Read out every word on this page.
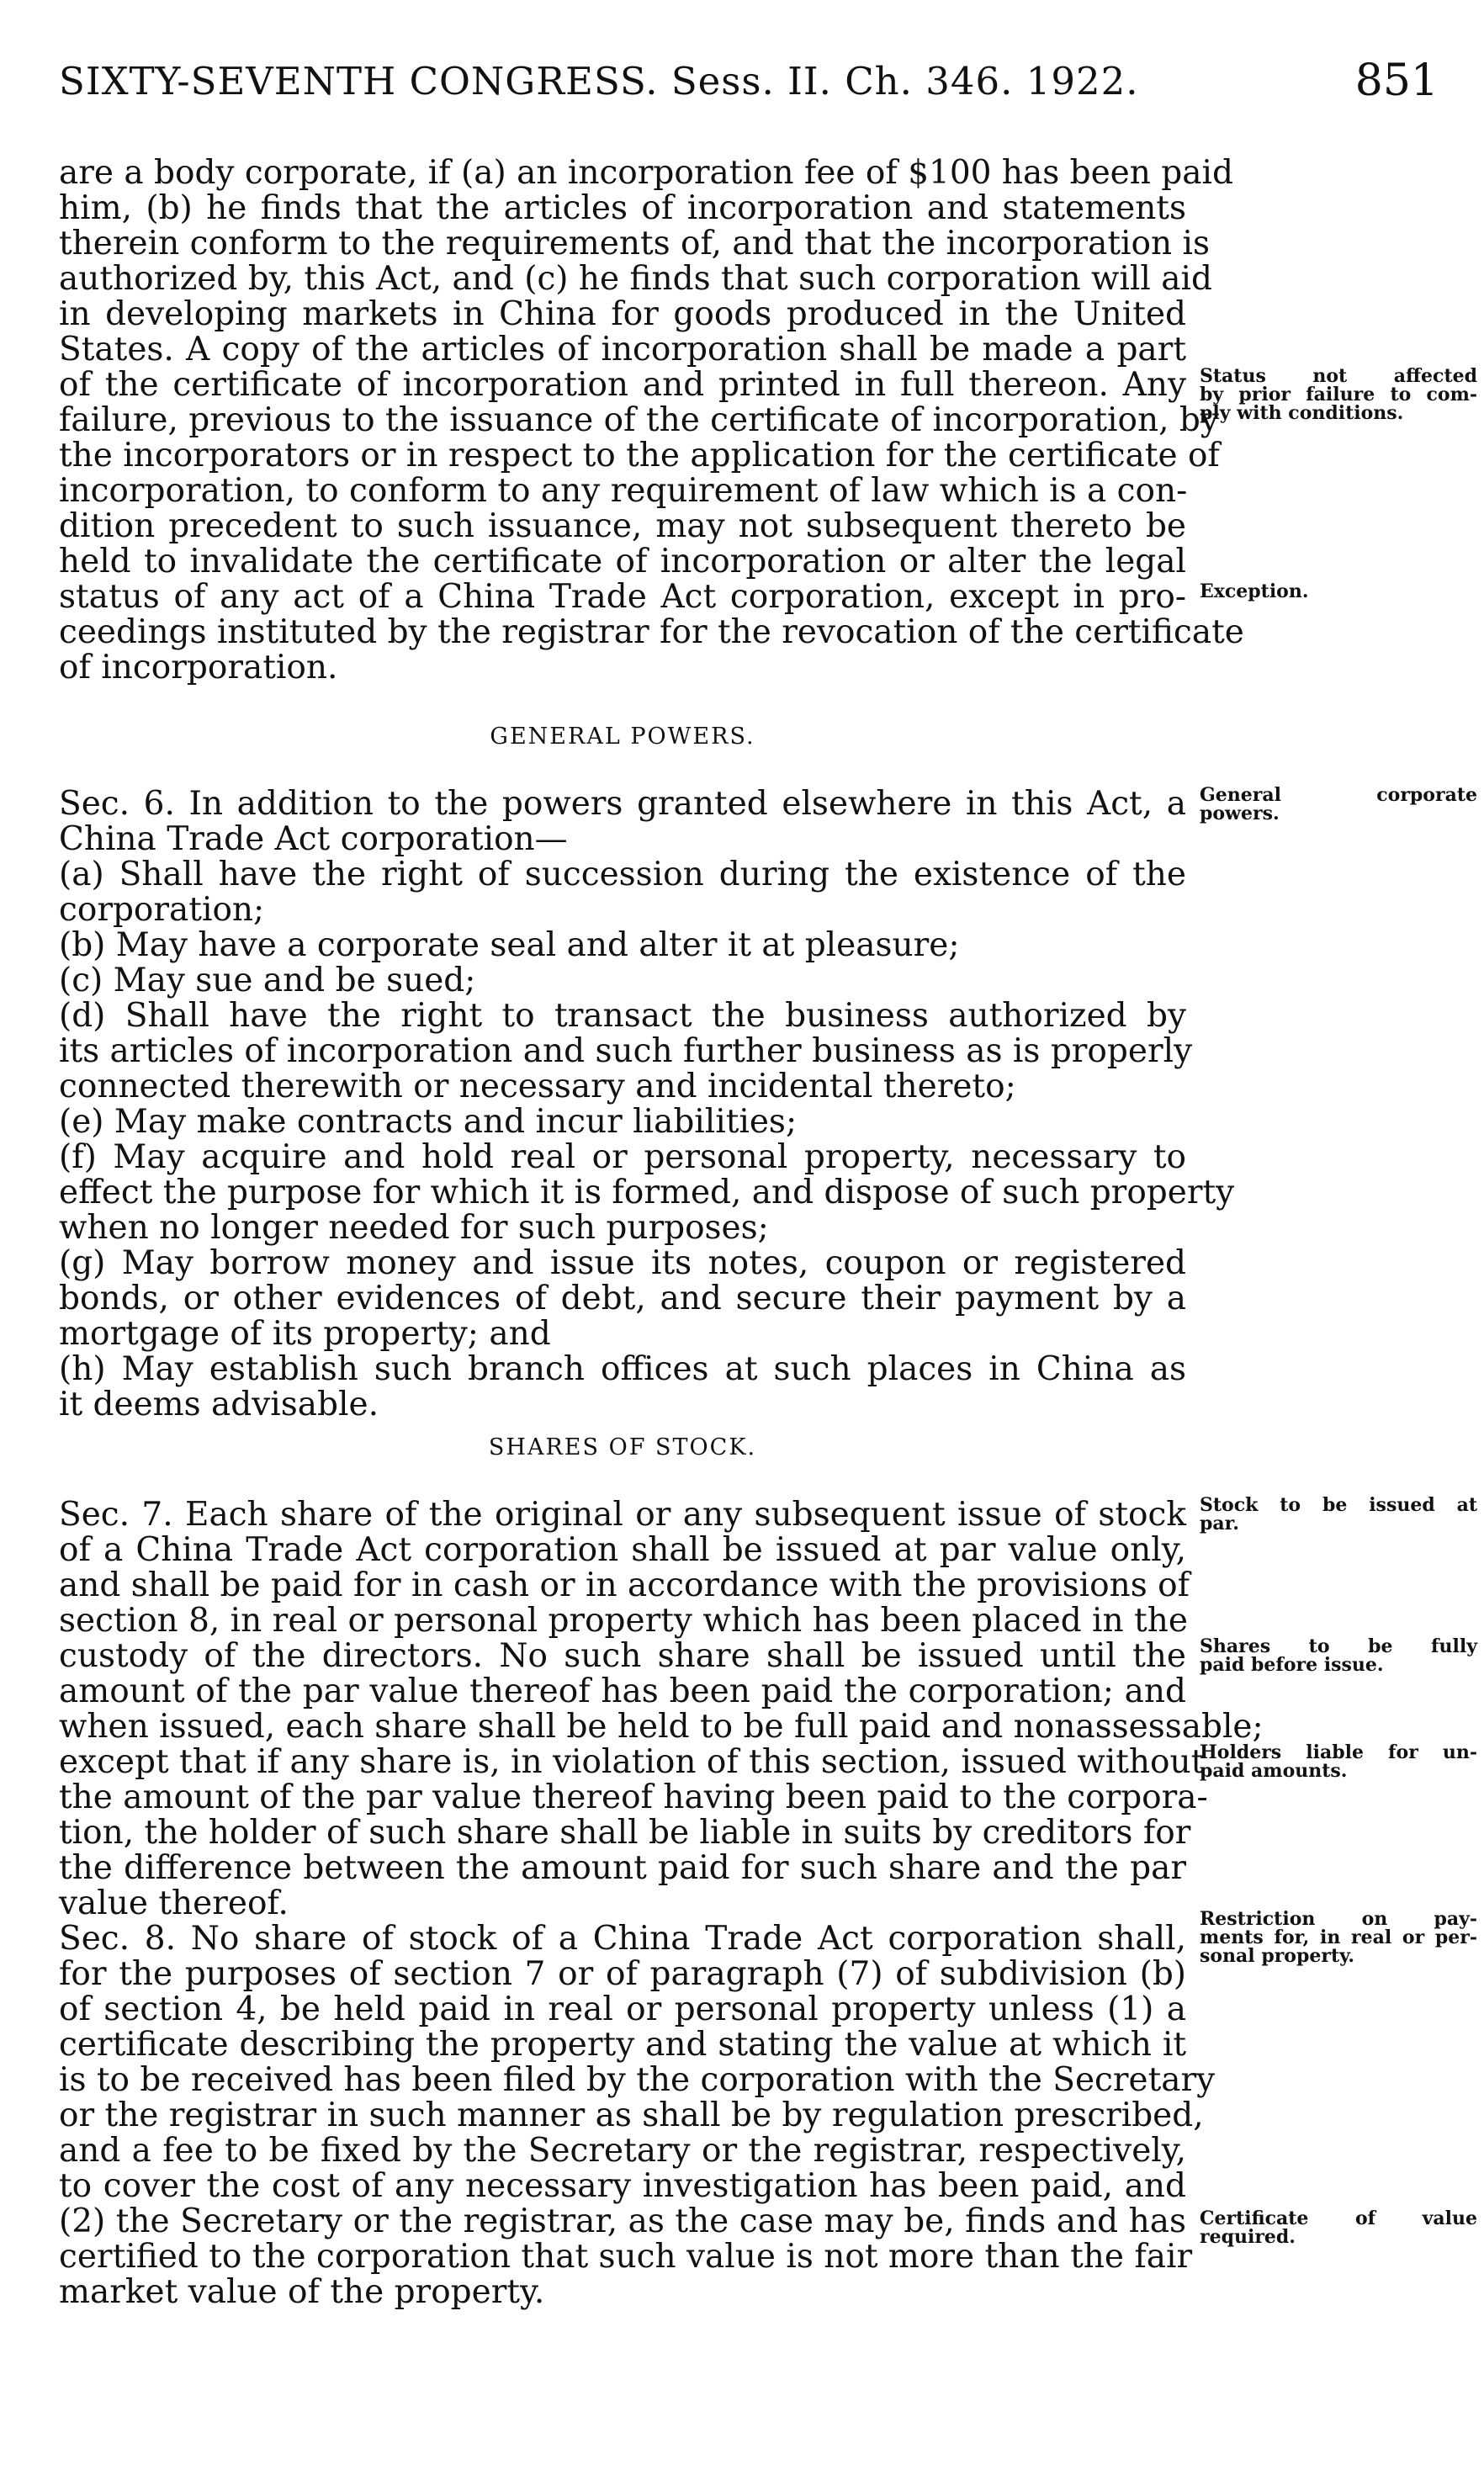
SIXTY-SEVENTH CONGRESS. Sess. II. Ch. 346. 1922.	851
are a body corporate, if (a) an incorporation fee of $100 has been paid
him, (b) he finds that the articles of incorporation and statements
therein conform to the requirements of, and that the incorporation is
authorized by, this Act, and (c) he finds that such corporation will aid
in developing markets in China for goods produced in the United
States. A copy of the articles of incorporation shall be made a part
of the certificate of incorporation and printed in full thereon. Any
failure, previous to the issuance of the certificate of incorporation, by
the incorporators or in respect to the application for the certificate of
incorporation, to conform to any requirement of law which is a con-
dition precedent to such issuance, may not subsequent thereto be
held to invalidate the certificate of incorporation or alter the legal
status of any act of a China Trade Act corporation, except in pro-
ceedings instituted by the registrar for the revocation of the certificate
of incorporation.
GENERAL POWERS.
Sec. 6. In addition to the powers granted elsewhere in this Act, a
China Trade Act corporation—
(a) Shall have the right of succession during the existence of the
corporation;
(b) May have a corporate seal and alter it at pleasure;
(c) May sue and be sued;
(d) Shall have the right to transact the business authorized by
its articles of incorporation and such further business as is properly
connected therewith or necessary and incidental thereto;
(e) May make contracts and incur liabilities;
(f) May acquire and hold real or personal property, necessary to
effect the purpose for which it is formed, and dispose of such property
when no longer needed for such purposes;
(g) May borrow money and issue its notes, coupon or registered
bonds, or other evidences of debt, and secure their payment by a
mortgage of its property; and
(h) May establish such branch offices at such places in China as
it deems advisable.
SHARES OF STOCK.
Sec. 7. Each share of the original or any subsequent issue of stock
of a China Trade Act corporation shall be issued at par value only,
and shall be paid for in cash or in accordance with the provisions of
section 8, in real or personal property which has been placed in the
custody of the directors. No such share shall be issued until the
amount of the par value thereof has been paid the corporation; and
when issued, each share shall be held to be full paid and nonassessable;
except that if any share is, in violation of this section, issued without
the amount of the par value thereof having been paid to the corpora-
tion, the holder of such share shall be liable in suits by creditors for
the difference between the amount paid for such share and the par
value thereof.
Sec. 8. No share of stock of a China Trade Act corporation shall,
for the purposes of section 7 or of paragraph (7) of subdivision (b)
of section 4, be held paid in real or personal property unless (1) a
certificate describing the property and stating the value at which it
is to be received has been filed by the corporation with the Secretary
or the registrar in such manner as shall be by regulation prescribed,
and a fee to be fixed by the Secretary or the registrar, respectively,
to cover the cost of any necessary investigation has been paid, and
(2) the Secretary or the registrar, as the case may be, finds and has
certified to the corporation that such value is not more than the fair
market value of the property.
Status not affected
by prior failure to com-
ply with conditions.
Exception.
General corporate
powers.
Stock to be issued at
par.
Shares to be fully
paid before issue.
Holders liable for un-
paid amounts.
Restriction on pay-
ments for, in real or per-
sonal property.
Certificate of value
required.
